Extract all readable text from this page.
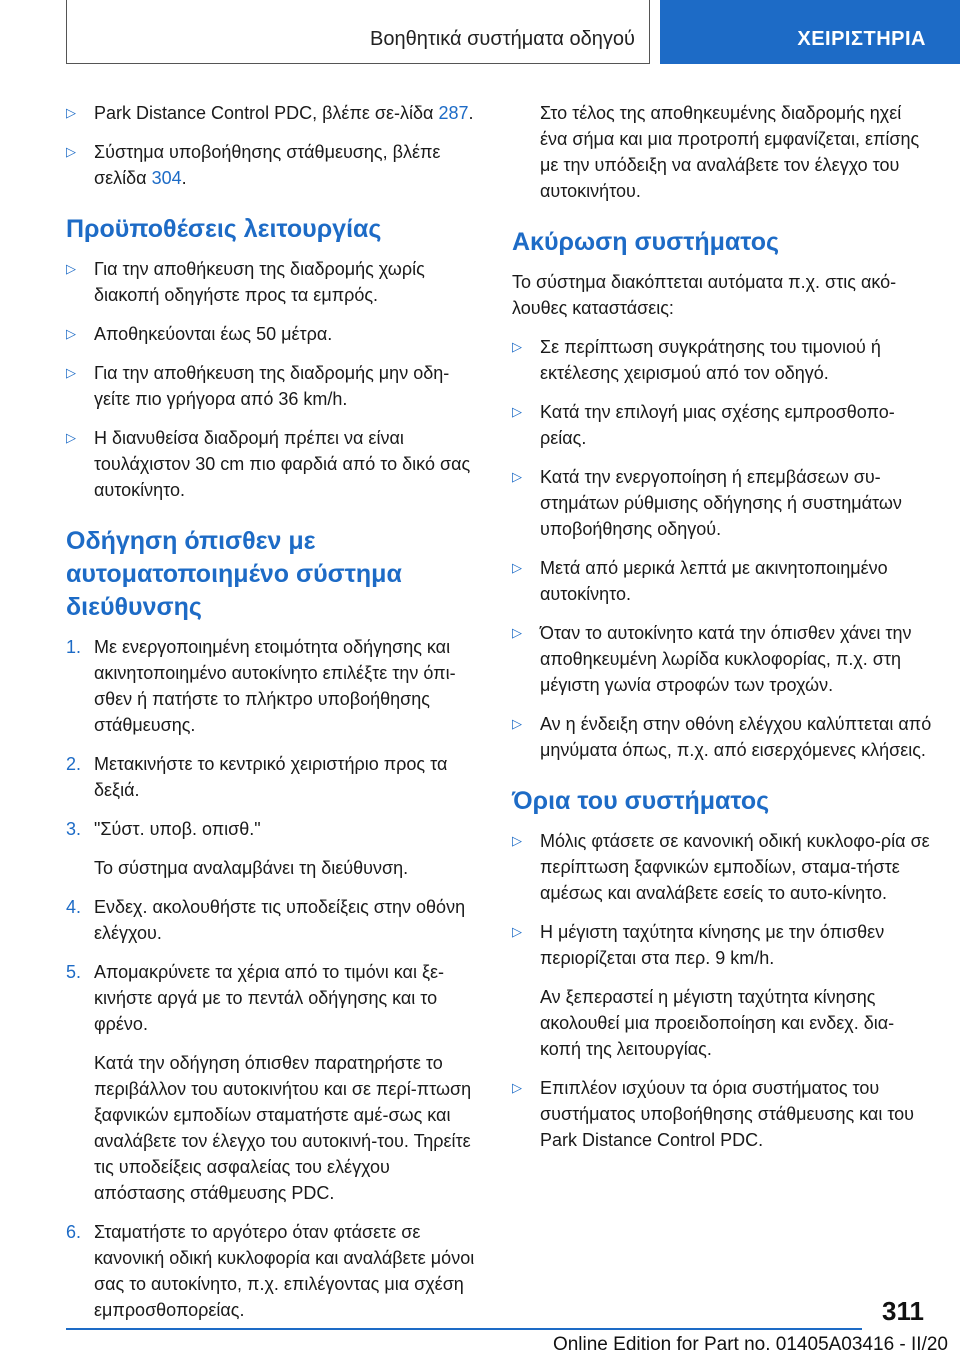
Βοηθητικά συστήματα οδηγού	ΧΕΙΡΙΣΤΗΡΙΑ
▷ Park Distance Control PDC, βλέπε σε‐λίδα 287.
▷ Σύστημα υποβοήθησης στάθμευσης, βλέπε σελίδα 304.
Προϋποθέσεις λειτουργίας
▷ Για την αποθήκευση της διαδρομής χωρίς διακοπή οδηγήστε προς τα εμπρός.
▷ Αποθηκεύονται έως 50 μέτρα.
▷ Για την αποθήκευση της διαδρομής μην οδη‐γείτε πιο γρήγορα από 36 km/h.
▷ Η διανυθείσα διαδρομή πρέπει να είναι τουλάχιστον 30 cm πιο φαρδιά από το δικό σας αυτοκίνητο.
Οδήγηση όπισθεν με αυτοματοποιημένο σύστημα διεύθυνσης
1. Με ενεργοποιημένη ετοιμότητα οδήγησης και ακινητοποιημένο αυτοκίνητο επιλέξτε την όπι‐σθεν ή πατήστε το πλήκτρο υποβοήθησης στάθμευσης.
2. Μετακινήστε το κεντρικό χειριστήριο προς τα δεξιά.
3. "Σύστ. υποβ. οπισθ."
Το σύστημα αναλαμβάνει τη διεύθυνση.
4. Ενδεχ. ακολουθήστε τις υποδείξεις στην οθόνη ελέγχου.
5. Απομακρύνετε τα χέρια από το τιμόνι και ξε‐κινήστε αργά με το πεντάλ οδήγησης και το φρένο.
Κατά την οδήγηση όπισθεν παρατηρήστε το περιβάλλον του αυτοκινήτου και σε περί‐πτωση ξαφνικών εμποδίων σταματήστε αμέ‐σως και αναλάβετε τον έλεγχο του αυτοκινή‐του. Τηρείτε τις υποδείξεις ασφαλείας του ελέγχου απόστασης στάθμευσης PDC.
6. Σταματήστε το αργότερο όταν φτάσετε σε κανονική οδική κυκλοφορία και αναλάβετε μόνοι σας το αυτοκίνητο, π.χ. επιλέγοντας μια σχέση εμπροσθοπορείας.
Στο τέλος της αποθηκευμένης διαδρομής ηχεί ένα σήμα και μια προτροπή εμφανίζεται, επίσης με την υπόδειξη να αναλάβετε τον έλεγχο του αυτοκινήτου.
Ακύρωση συστήματος
Το σύστημα διακόπτεται αυτόματα π.χ. στις ακό‐λουθες καταστάσεις:
▷ Σε περίπτωση συγκράτησης του τιμονιού ή εκτέλεσης χειρισμού από τον οδηγό.
▷ Κατά την επιλογή μιας σχέσης εμπροσθοπο‐ρείας.
▷ Κατά την ενεργοποίηση ή επεμβάσεων συ‐στημάτων ρύθμισης οδήγησης ή συστημάτων υποβοήθησης οδηγού.
▷ Μετά από μερικά λεπτά με ακινητοποιημένο αυτοκίνητο.
▷ Όταν το αυτοκίνητο κατά την όπισθεν χάνει την αποθηκευμένη λωρίδα κυκλοφορίας, π.χ. στη μέγιστη γωνία στροφών των τροχών.
▷ Αν η ένδειξη στην οθόνη ελέγχου καλύπτεται από μηνύματα όπως, π.χ. από εισερχόμενες κλήσεις.
Όρια του συστήματος
▷ Μόλις φτάσετε σε κανονική οδική κυκλοφο‐ρία σε περίπτωση ξαφνικών εμποδίων, σταμα‐τήστε αμέσως και αναλάβετε εσείς το αυτο‐κίνητο.
▷ Η μέγιστη ταχύτητα κίνησης με την όπισθεν περιορίζεται στα περ. 9 km/h.
Αν ξεπεραστεί η μέγιστη ταχύτητα κίνησης ακολουθεί μια προειδοποίηση και ενδεχ. δια‐κοπή της λειτουργίας.
▷ Επιπλέον ισχύουν τα όρια συστήματος του συστήματος υποβοήθησης στάθμευσης και του Park Distance Control PDC.
311
Online Edition for Part no. 01405A03416 - II/20
